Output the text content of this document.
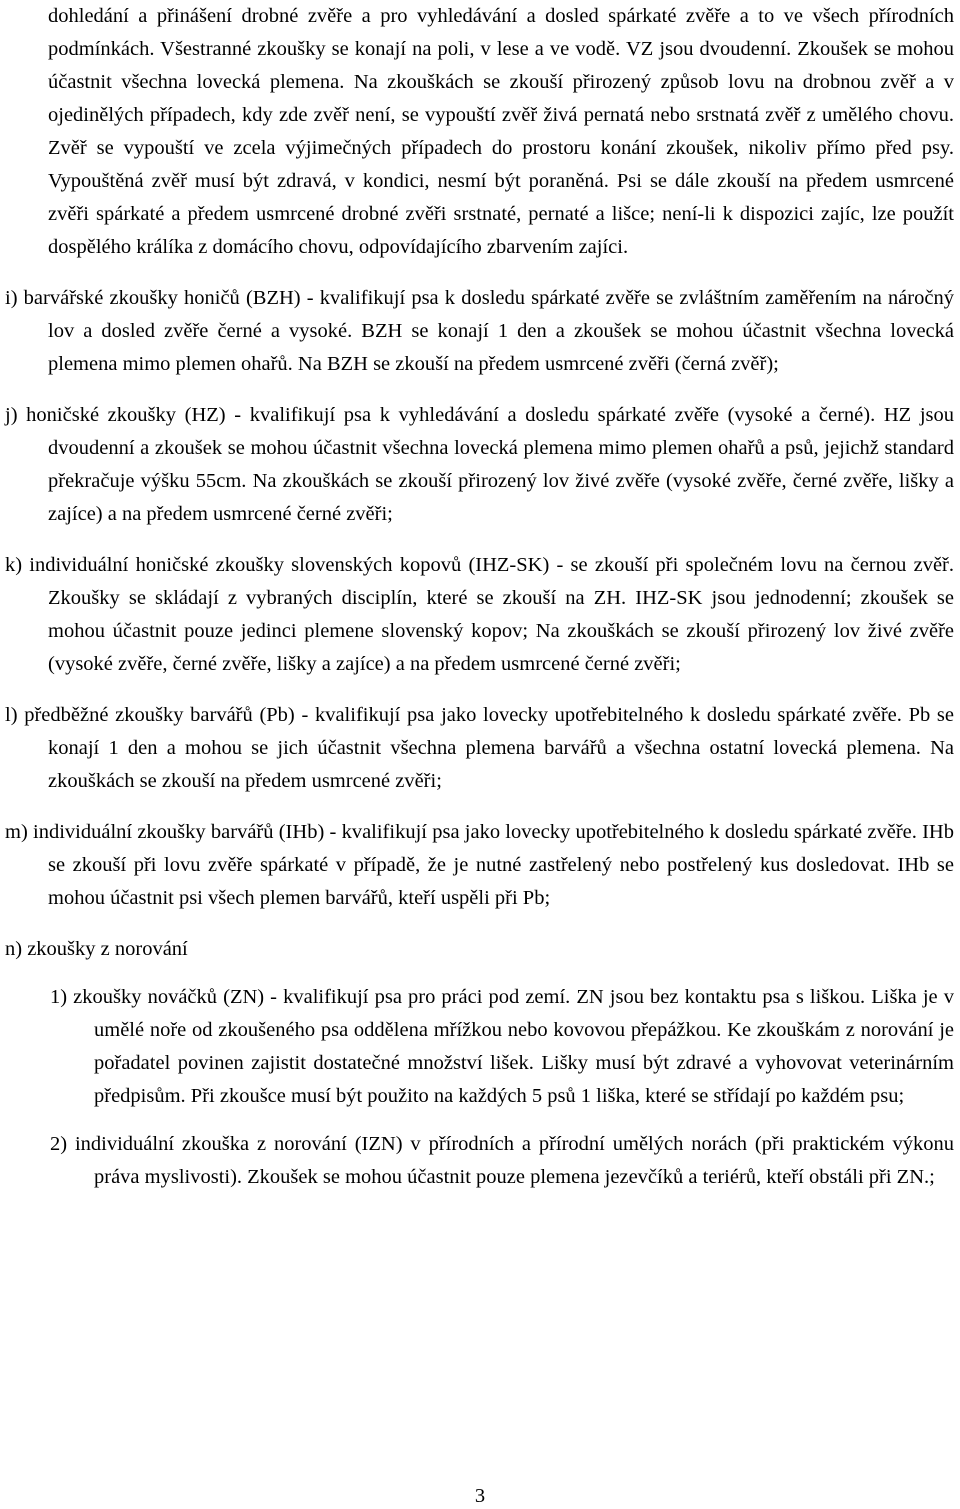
dohledání a přinášení drobné zvěře a pro vyhledávání a dosled spárkaté zvěře a to ve všech přírodních podmínkách. Všestranné zkoušky se konají na poli, v lese a ve vodě. VZ jsou dvoudenní. Zkoušek se mohou účastnit všechna lovecká plemena. Na zkouškách se zkouší přirozený způsob lovu na drobnou zvěř a v ojedinělých případech, kdy zde zvěř není, se vypouští zvěř živá pernatá nebo srstnatá zvěř z umělého chovu. Zvěř se vypouští ve zcela výjimečných případech do prostoru konání zkoušek, nikoliv přímo před psy. Vypouštěná zvěř musí být zdravá, v kondici, nesmí být poraněná. Psi se dále zkouší na předem usmrcené zvěři spárkaté a předem usmrcené drobné zvěři srstnaté, pernaté a lišce; není-li k dispozici zajíc, lze použít dospělého králíka z domácího chovu, odpovídajícího zbarvením zajíci.

i) barvářské zkoušky honičů (BZH) - kvalifikují psa k dosledu spárkaté zvěře se zvláštním zaměřením na náročný lov a dosled zvěře černé a vysoké. BZH se konají 1 den a zkoušek se mohou účastnit všechna lovecká plemena mimo plemen ohařů. Na BZH se zkouší na předem usmrcené zvěři (černá zvěř);

j) honičské zkoušky (HZ) - kvalifikují psa k vyhledávání a dosledu spárkaté zvěře (vysoké a černé). HZ jsou dvoudenní a zkoušek se mohou účastnit všechna lovecká plemena mimo plemen ohařů a psů, jejichž standard překračuje výšku 55cm. Na zkouškách se zkouší přirozený lov živé zvěře (vysoké zvěře, černé zvěře, lišky a zajíce) a na předem usmrcené černé zvěři;

k) individuální honičské zkoušky slovenských kopovů (IHZ-SK) - se zkouší při společném lovu na černou zvěř. Zkoušky se skládají z vybraných disciplín, které se zkouší na ZH. IHZ-SK jsou jednodenní; zkoušek se mohou účastnit pouze jedinci plemene slovenský kopov; Na zkouškách se zkouší přirozený lov živé zvěře (vysoké zvěře, černé zvěře, lišky a zajíce) a na předem usmrcené černé zvěři;

l) předběžné zkoušky barvářů (Pb) - kvalifikují psa jako lovecky upotřebitelného k dosledu spárkaté zvěře. Pb se konají 1 den a mohou se jich účastnit všechna plemena barvářů a všechna ostatní lovecká plemena. Na zkouškách se zkouší na předem usmrcené zvěři;

m) individuální zkoušky barvářů (IHb) - kvalifikují psa jako lovecky upotřebitelného k dosledu spárkaté zvěře. IHb se zkouší při lovu zvěře spárkaté v případě, že je nutné zastřelený nebo postřelený kus dosledovat. IHb se mohou účastnit psi všech plemen barvářů, kteří uspěli při Pb;

n) zkoušky z norování

1) zkoušky nováčků (ZN) - kvalifikují psa pro práci pod zemí. ZN jsou bez kontaktu psa s liškou. Liška je v umělé noře od zkoušeného psa oddělena mřížkou nebo kovovou přepážkou. Ke zkouškám z norování je pořadatel povinen zajistit dostatečné množství lišek. Lišky musí být zdravé a vyhovovat veterinárním předpisům. Při zkoušce musí být použito na každých 5 psů 1 liška, které se střídají po každém psu;

2) individuální zkouška z norování (IZN) v přírodních a přírodní umělých norách (při praktickém výkonu práva myslivosti). Zkoušek se mohou účastnit pouze plemena jezevčíků a teriérů, kteří obstáli při ZN.;

3
